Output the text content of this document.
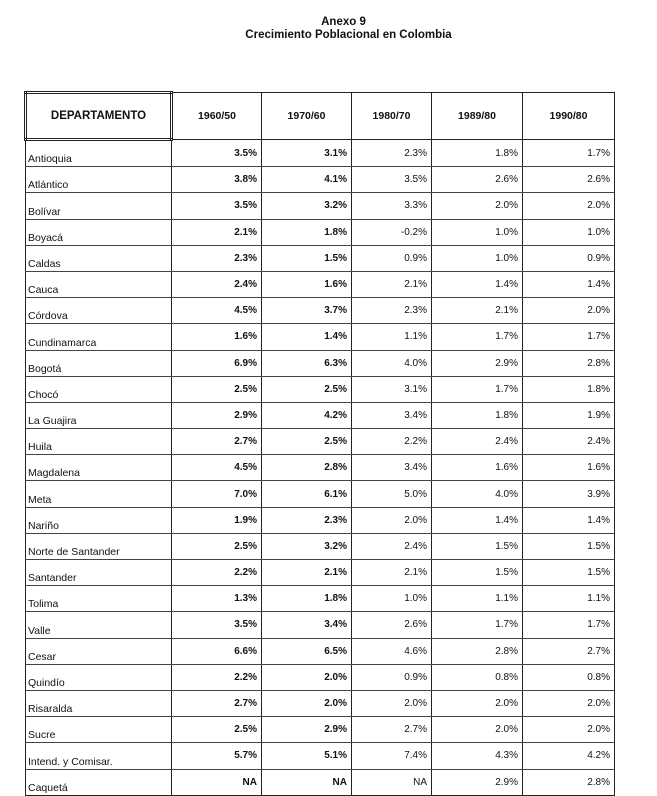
Anexo 9
Crecimiento Poblacional en Colombia
DEPARTAMENTO	1960/50	1970/60	1980/70	1989/80	1990/80
Antioquia	3.5%	3.1%	2.3%	1.8%	1.7%
Atlántico	3.8%	4.1%	3.5%	2.6%	2.6%
Bolívar	3.5%	3.2%	3.3%	2.0%	2.0%
Boyacá	2.1%	1.8%	-0.2%	1.0%	1.0%
Caldas	2.3%	1.5%	0.9%	1.0%	0.9%
Cauca	2.4%	1.6%	2.1%	1.4%	1.4%
Córdova	4.5%	3.7%	2.3%	2.1%	2.0%
Cundinamarca	1.6%	1.4%	1.1%	1.7%	1.7%
Bogotá	6.9%	6.3%	4.0%	2.9%	2.8%
Chocó	2.5%	2.5%	3.1%	1.7%	1.8%
La Guajira	2.9%	4.2%	3.4%	1.8%	1.9%
Huila	2.7%	2.5%	2.2%	2.4%	2.4%
Magdalena	4.5%	2.8%	3.4%	1.6%	1.6%
Meta	7.0%	6.1%	5.0%	4.0%	3.9%
Nariño	1.9%	2.3%	2.0%	1.4%	1.4%
Norte de Santander	2.5%	3.2%	2.4%	1.5%	1.5%
Santander	2.2%	2.1%	2.1%	1.5%	1.5%
Tolima	1.3%	1.8%	1.0%	1.1%	1.1%
Valle	3.5%	3.4%	2.6%	1.7%	1.7%
Cesar	6.6%	6.5%	4.6%	2.8%	2.7%
Quindío	2.2%	2.0%	0.9%	0.8%	0.8%
Risaralda	2.7%	2.0%	2.0%	2.0%	2.0%
Sucre	2.5%	2.9%	2.7%	2.0%	2.0%
Intend. y Comisar.	5.7%	5.1%	7.4%	4.3%	4.2%
Caquetá	NA	NA	NA	2.9%	2.8%
